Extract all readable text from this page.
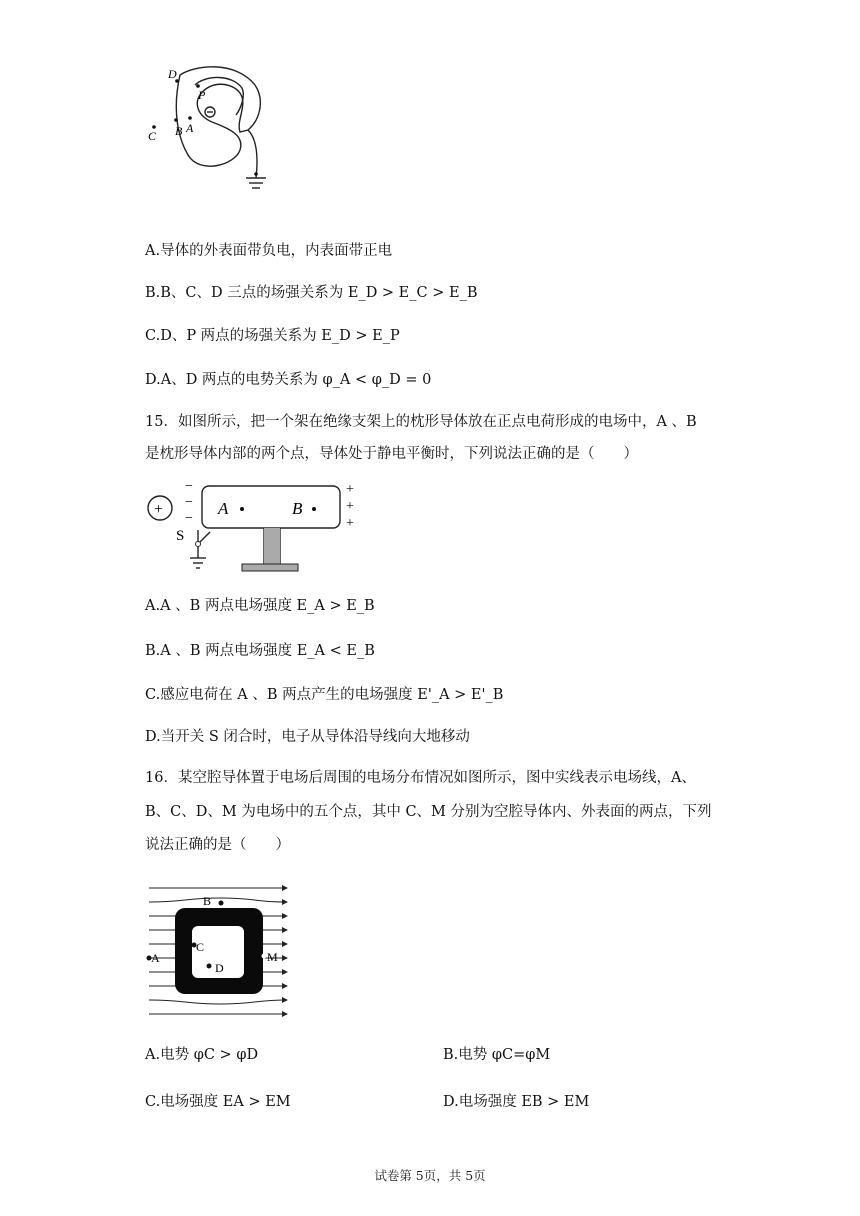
D
P
C B A
A.导体的外表面带负电，内表面带正电
B.B、C、D 三点的场强关系为 E_D > E_C > E_B
C.D、P 两点的场强关系为 E_D > E_P
D.A、D 两点的电势关系为 φ_A < φ_D = 0
15．如图所示，把一个架在绝缘支架上的枕形导体放在正点电荷形成的电场中，A 、B
是枕形导体内部的两个点，导体处于静电平衡时，下列说法正确的是（　　）
+
−
−
−
+
+
+
A	B
S
A.A 、B 两点电场强度 E_A > E_B
B.A 、B 两点电场强度 E_A < E_B
C.感应电荷在 A 、B 两点产生的电场强度 E'_A > E'_B
D.当开关 S 闭合时，电子从导体沿导线向大地移动
16．某空腔导体置于电场后周围的电场分布情况如图所示，图中实线表示电场线，A、
B、C、D、M 为电场中的五个点，其中 C、M 分别为空腔导体内、外表面的两点，下列
说法正确的是（　　）
B
C
D
A	M
A.电势 φC > φD	B.电势 φC=φM
C.电场强度 EA > EM	D.电场强度 EB > EM
试卷第 5页，共 5页
